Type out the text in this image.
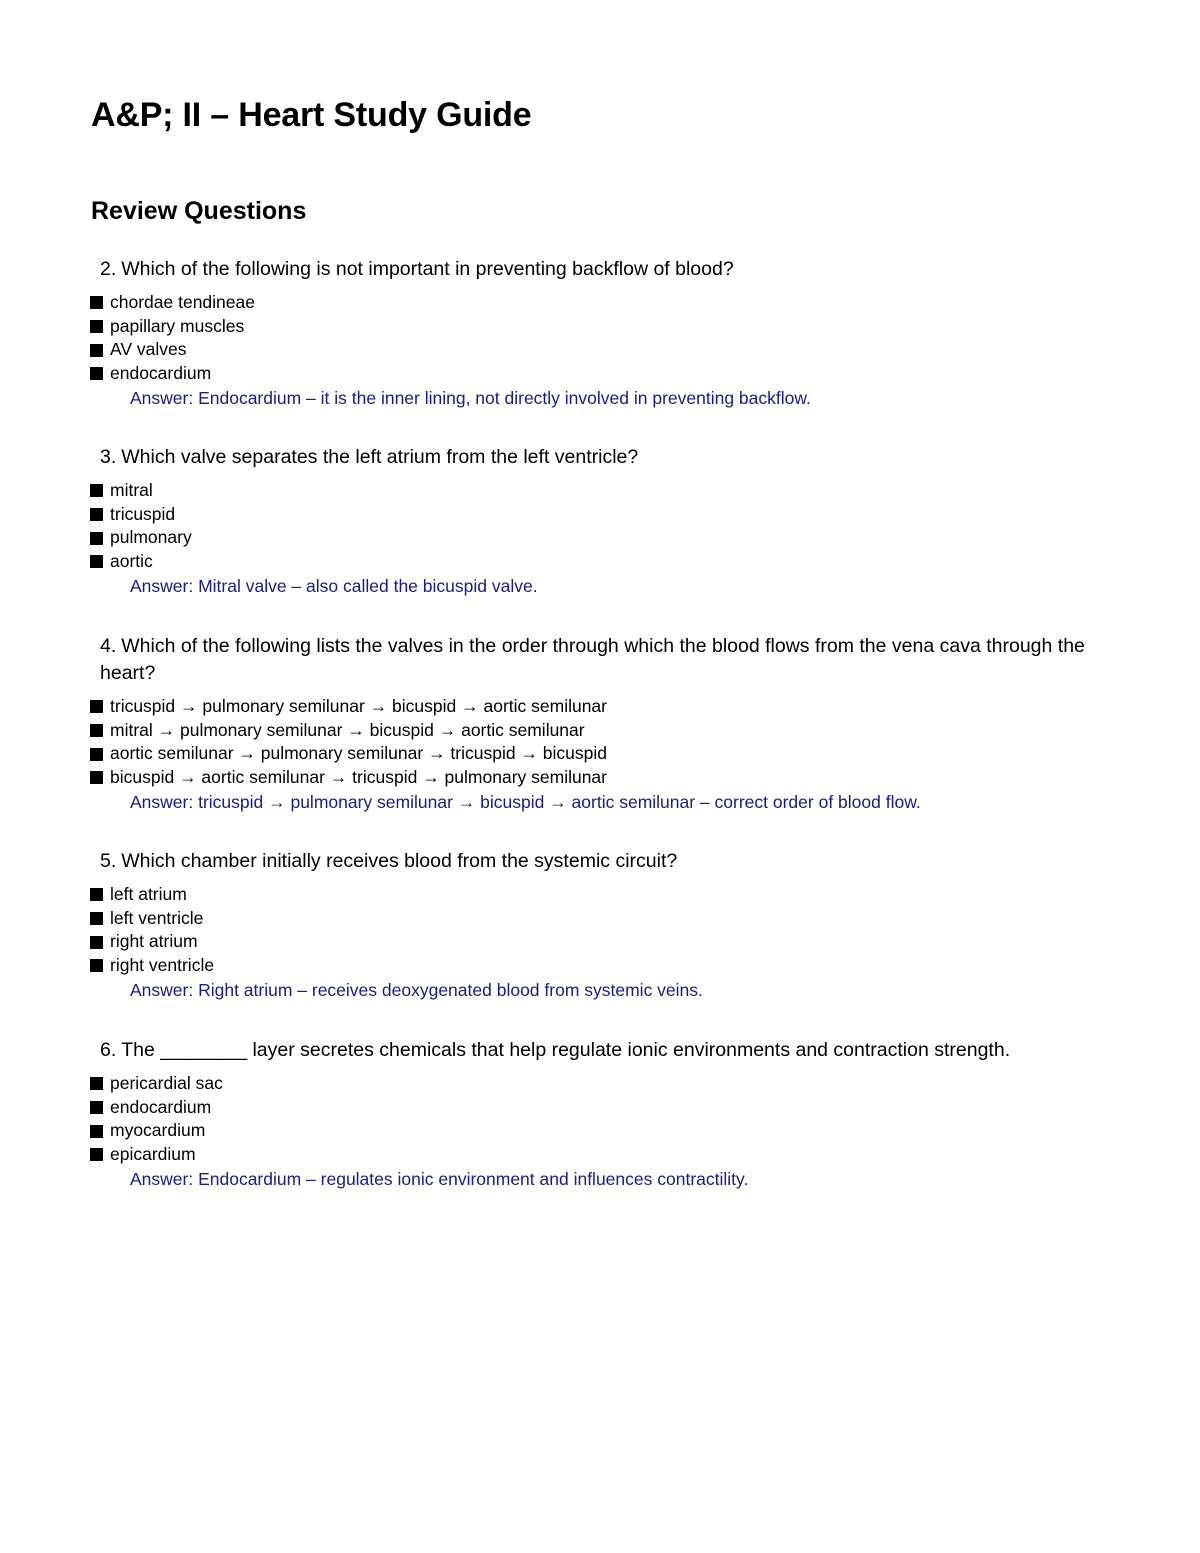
A&P; II – Heart Study Guide
Review Questions

2. Which of the following is not important in preventing backflow of blood?

chordae tendineae
papillary muscles
AV valves
endocardium

Answer: Endocardium – it is the inner lining, not directly involved in preventing backflow.

3. Which valve separates the left atrium from the left ventricle?

mitral
tricuspid
pulmonary
aortic

Answer: Mitral valve – also called the bicuspid valve.

4. Which of the following lists the valves in the order through which the blood flows from the vena cava through the heart?

tricuspid → pulmonary semilunar → bicuspid → aortic semilunar
mitral → pulmonary semilunar → bicuspid → aortic semilunar
aortic semilunar → pulmonary semilunar → tricuspid → bicuspid
bicuspid → aortic semilunar → tricuspid → pulmonary semilunar

Answer: tricuspid → pulmonary semilunar → bicuspid → aortic semilunar – correct order of blood flow.

5. Which chamber initially receives blood from the systemic circuit?

left atrium
left ventricle
right atrium
right ventricle

Answer: Right atrium – receives deoxygenated blood from systemic veins.

6. The ________ layer secretes chemicals that help regulate ionic environments and contraction strength.

pericardial sac
endocardium
myocardium
epicardium

Answer: Endocardium – regulates ionic environment and influences contractility.
